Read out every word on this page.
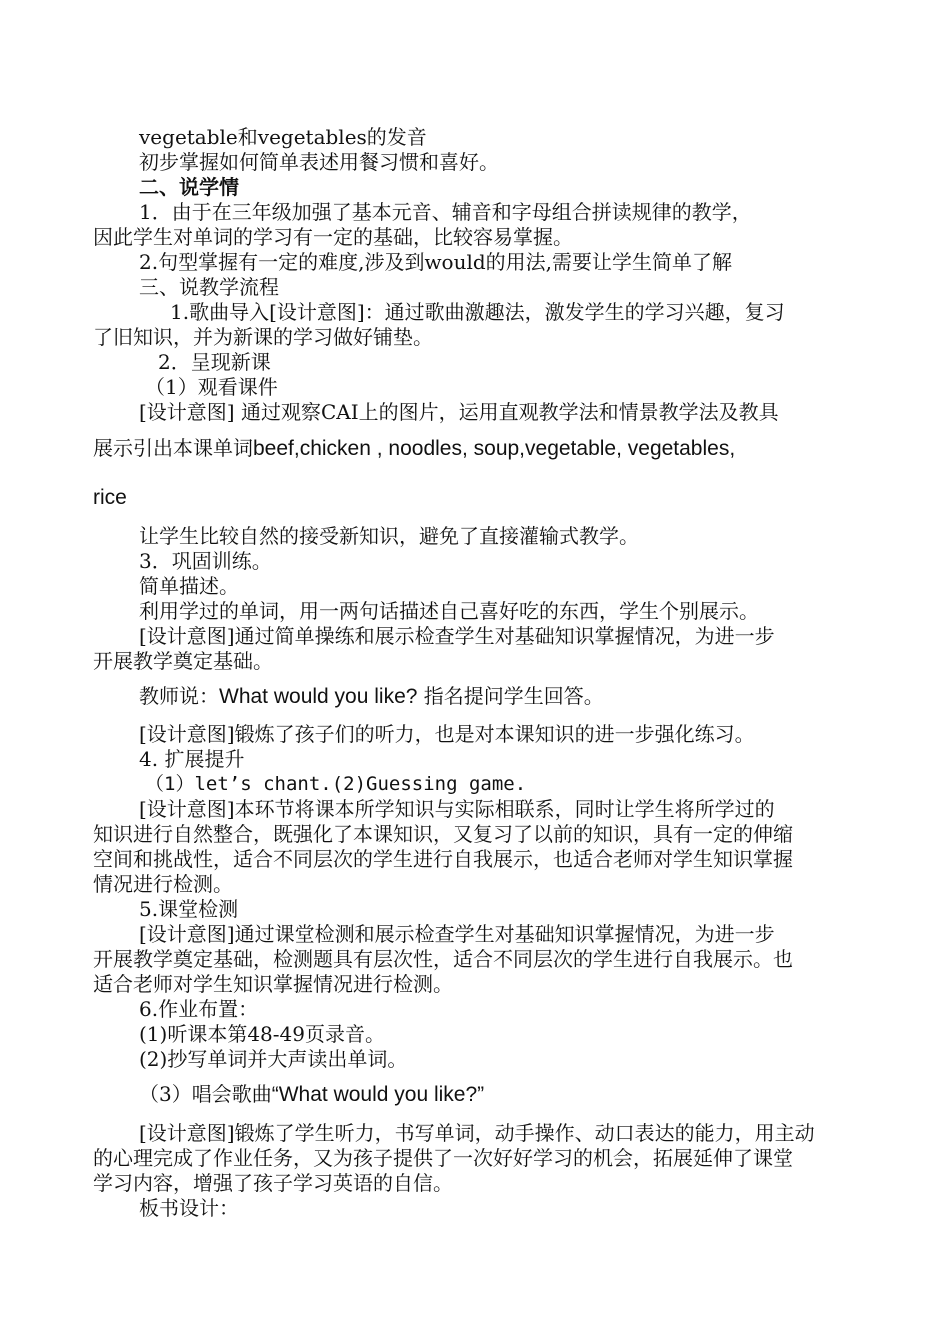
vegetable和vegetables的发音
初步掌握如何简单表述用餐习惯和喜好。
二、说学情
1．由于在三年级加强了基本元音、辅音和字母组合拼读规律的教学，
因此学生对单词的学习有一定的基础，比较容易掌握。
2.句型掌握有一定的难度,涉及到would的用法,需要让学生简单了解
三、说教学流程
1.歌曲导入[设计意图]：通过歌曲激趣法，激发学生的学习兴趣，复习
了旧知识，并为新课的学习做好铺垫。
2．呈现新课
（1）观看课件
[设计意图] 通过观察CAI上的图片，运用直观教学法和情景教学法及教具
展示引出本课单词beef,chicken , noodles, soup,vegetable, vegetables,
rice
让学生比较自然的接受新知识，避免了直接灌输式教学。
3．巩固训练。
简单描述。
利用学过的单词，用一两句话描述自己喜好吃的东西，学生个别展示。
[设计意图]通过简单操练和展示检查学生对基础知识掌握情况，为进一步
开展教学奠定基础。
教师说：What would you like? 指名提问学生回答。
[设计意图]锻炼了孩子们的听力，也是对本课知识的进一步强化练习。
4. 扩展提升
（1）let’s chant.(2)Guessing game.
[设计意图]本环节将课本所学知识与实际相联系，同时让学生将所学过的
知识进行自然整合，既强化了本课知识，又复习了以前的知识，具有一定的伸缩
空间和挑战性，适合不同层次的学生进行自我展示，也适合老师对学生知识掌握
情况进行检测。
5.课堂检测
[设计意图]通过课堂检测和展示检查学生对基础知识掌握情况，为进一步
开展教学奠定基础，检测题具有层次性，适合不同层次的学生进行自我展示。也
适合老师对学生知识掌握情况进行检测。
6.作业布置：
(1)听课本第48-49页录音。
(2)抄写单词并大声读出单词。
（3）唱会歌曲“What would you like?”
[设计意图]锻炼了学生听力，书写单词，动手操作、动口表达的能力，用主动
的心理完成了作业任务，又为孩子提供了一次好好学习的机会，拓展延伸了课堂
学习内容，增强了孩子学习英语的自信。
板书设计：
